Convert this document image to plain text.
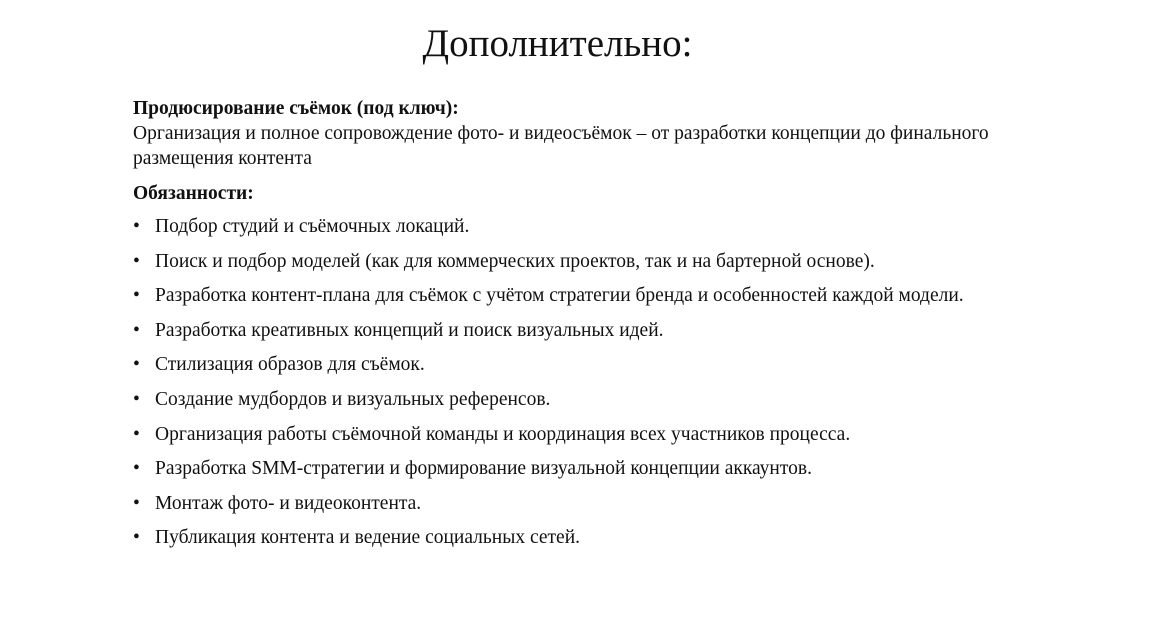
Дополнительно:

Продюсирование съёмок (под ключ):

Организация и полное сопровождение фото- и видеосъёмок – от разработки концепции до финального размещения контента

Обязанности:

• Подбор студий и съёмочных локаций.
• Поиск и подбор моделей (как для коммерческих проектов, так и на бартерной основе).
• Разработка контент-плана для съёмок с учётом стратегии бренда и особенностей каждой модели.
• Разработка креативных концепций и поиск визуальных идей.
• Стилизация образов для съёмок.
• Создание мудбордов и визуальных референсов.
• Организация работы съёмочной команды и координация всех участников процесса.
• Разработка SMM-стратегии и формирование визуальной концепции аккаунтов.
• Монтаж фото- и видеоконтента.
• Публикация контента и ведение социальных сетей.
